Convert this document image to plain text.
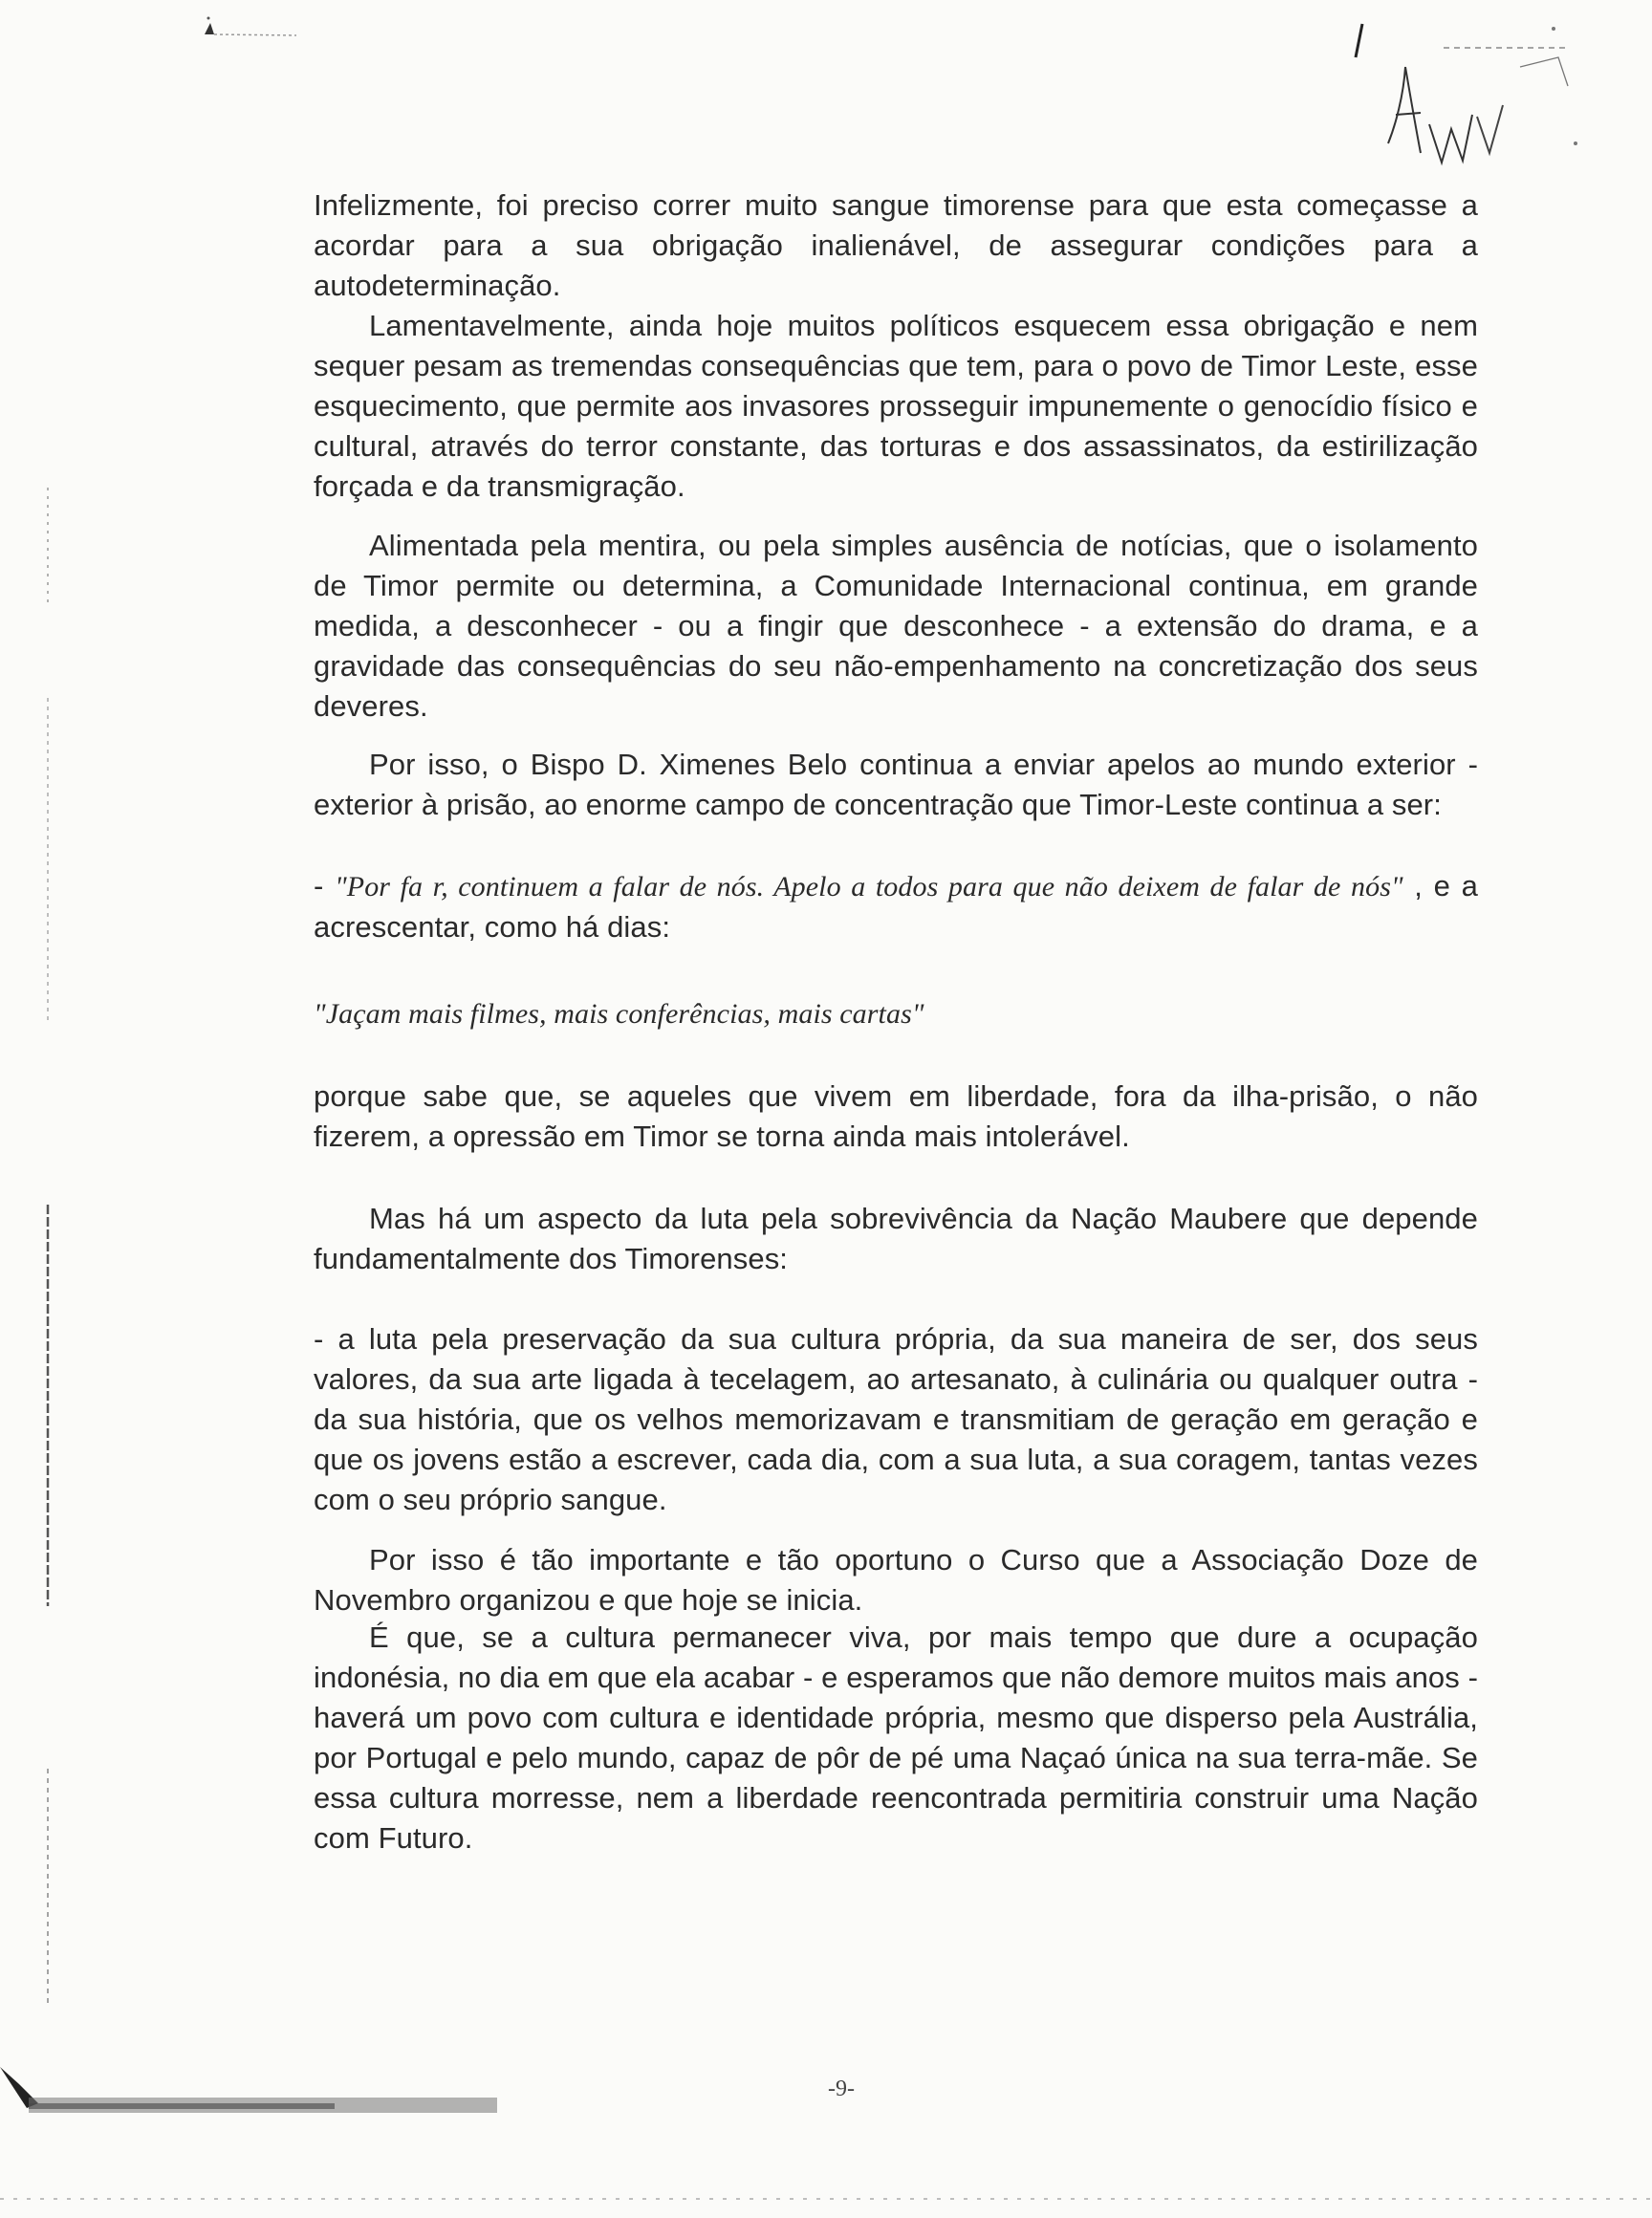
Infelizmente, foi preciso correr muito sangue timorense para que esta começasse a acordar para a sua obrigação inalienável, de assegurar condições para a autodeterminação.

Lamentavelmente, ainda hoje muitos políticos esquecem essa obrigação e nem sequer pesam as tremendas consequências que tem, para o povo de Timor Leste, esse esquecimento, que permite aos invasores prosseguir impunemente o genocídio físico e cultural, através do terror constante, das torturas e dos assassinatos, da estirilização forçada e da transmigração.

Alimentada pela mentira, ou pela simples ausência de notícias, que o isolamento de Timor permite ou determina, a Comunidade Internacional continua, em grande medida, a desconhecer - ou a fingir que desconhece - a extensão do drama, e a gravidade das consequências do seu não-empenhamento na concretização dos seus deveres.

Por isso, o Bispo D. Ximenes Belo continua a enviar apelos ao mundo exterior - exterior à prisão, ao enorme campo de concentração que Timor-Leste continua a ser:

- "Por fa r, continuem a falar de nós. Apelo a todos para que não deixem de falar de nós" , e a acrescentar, como há dias:

"Jaçam mais filmes, mais conferências, mais cartas"

porque sabe que, se aqueles que vivem em liberdade, fora da ilha-prisão, o não fizerem, a opressão em Timor se torna ainda mais intolerável.

Mas há um aspecto da luta pela sobrevivência da Nação Maubere que depende fundamentalmente dos Timorenses:

- a luta pela preservação da sua cultura própria, da sua maneira de ser, dos seus valores, da sua arte ligada à tecelagem, ao artesanato, à culinária ou qualquer outra - da sua história, que os velhos memorizavam e transmitiam de geração em geração e que os jovens estão a escrever, cada dia, com a sua luta, a sua coragem, tantas vezes com o seu próprio sangue.

Por isso é tão importante e tão oportuno o Curso que a Associação Doze de Novembro organizou e que hoje se inicia.

É que, se a cultura permanecer viva, por mais tempo que dure a ocupação indonésia, no dia em que ela acabar - e esperamos que não demore muitos mais anos - haverá um povo com cultura e identidade própria, mesmo que disperso pela Austrália, por Portugal e pelo mundo, capaz de pôr de pé uma Naçaó única na sua terra-mãe. Se essa cultura morresse, nem a liberdade reencontrada permitiria construir uma Nação com Futuro.

-9-
